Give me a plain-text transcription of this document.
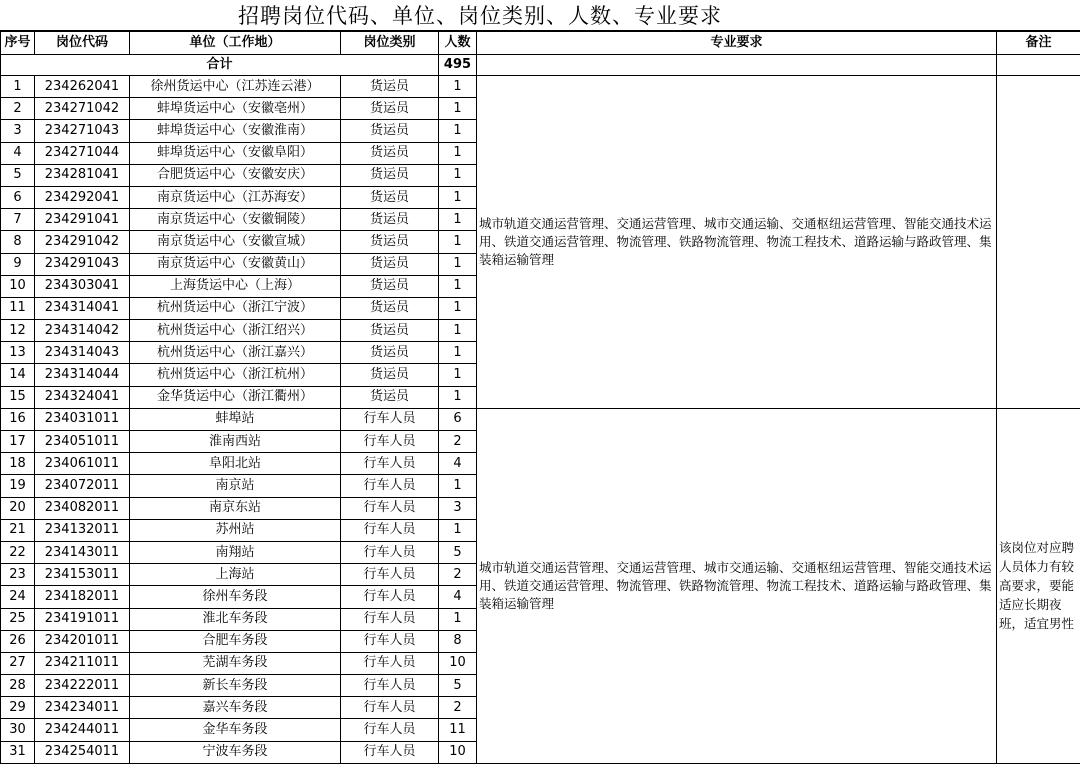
招聘岗位代码、单位、岗位类别、人数、专业要求
序号	岗位代码	单位（工作地）	岗位类别	人数	专业要求	备注
合计				495		
1	234262041	徐州货运中心（江苏连云港）	货运员	1	城市轨道交通运营管理、交通运营管理、城市交通运输、交通枢纽运营管理、智能交通技术运用、铁道交通运营管理、物流管理、铁路物流管理、物流工程技术、道路运输与路政管理、集装箱运输管理	
2	234271042	蚌埠货运中心（安徽亳州）	货运员	1		
3	234271043	蚌埠货运中心（安徽淮南）	货运员	1		
4	234271044	蚌埠货运中心（安徽阜阳）	货运员	1		
5	234281041	合肥货运中心（安徽安庆）	货运员	1		
6	234292041	南京货运中心（江苏海安）	货运员	1		
7	234291041	南京货运中心（安徽铜陵）	货运员	1		
8	234291042	南京货运中心（安徽宣城）	货运员	1		
9	234291043	南京货运中心（安徽黄山）	货运员	1		
10	234303041	上海货运中心（上海）	货运员	1		
11	234314041	杭州货运中心（浙江宁波）	货运员	1		
12	234314042	杭州货运中心（浙江绍兴）	货运员	1		
13	234314043	杭州货运中心（浙江嘉兴）	货运员	1		
14	234314044	杭州货运中心（浙江杭州）	货运员	1		
15	234324041	金华货运中心（浙江衢州）	货运员	1		
16	234031011	蚌埠站	行车人员	6	城市轨道交通运营管理、交通运营管理、城市交通运输、交通枢纽运营管理、智能交通技术运用、铁道交通运营管理、物流管理、铁路物流管理、物流工程技术、道路运输与路政管理、集装箱运输管理	该岗位对应聘人员体力有较高要求，要能适应长期夜班，适宜男性
17	234051011	淮南西站	行车人员	2		
18	234061011	阜阳北站	行车人员	4		
19	234072011	南京站	行车人员	1		
20	234082011	南京东站	行车人员	3		
21	234132011	苏州站	行车人员	1		
22	234143011	南翔站	行车人员	5		
23	234153011	上海站	行车人员	2		
24	234182011	徐州车务段	行车人员	4		
25	234191011	淮北车务段	行车人员	1		
26	234201011	合肥车务段	行车人员	8		
27	234211011	芜湖车务段	行车人员	10		
28	234222011	新长车务段	行车人员	5		
29	234234011	嘉兴车务段	行车人员	2		
30	234244011	金华车务段	行车人员	11		
31	234254011	宁波车务段	行车人员	10		
